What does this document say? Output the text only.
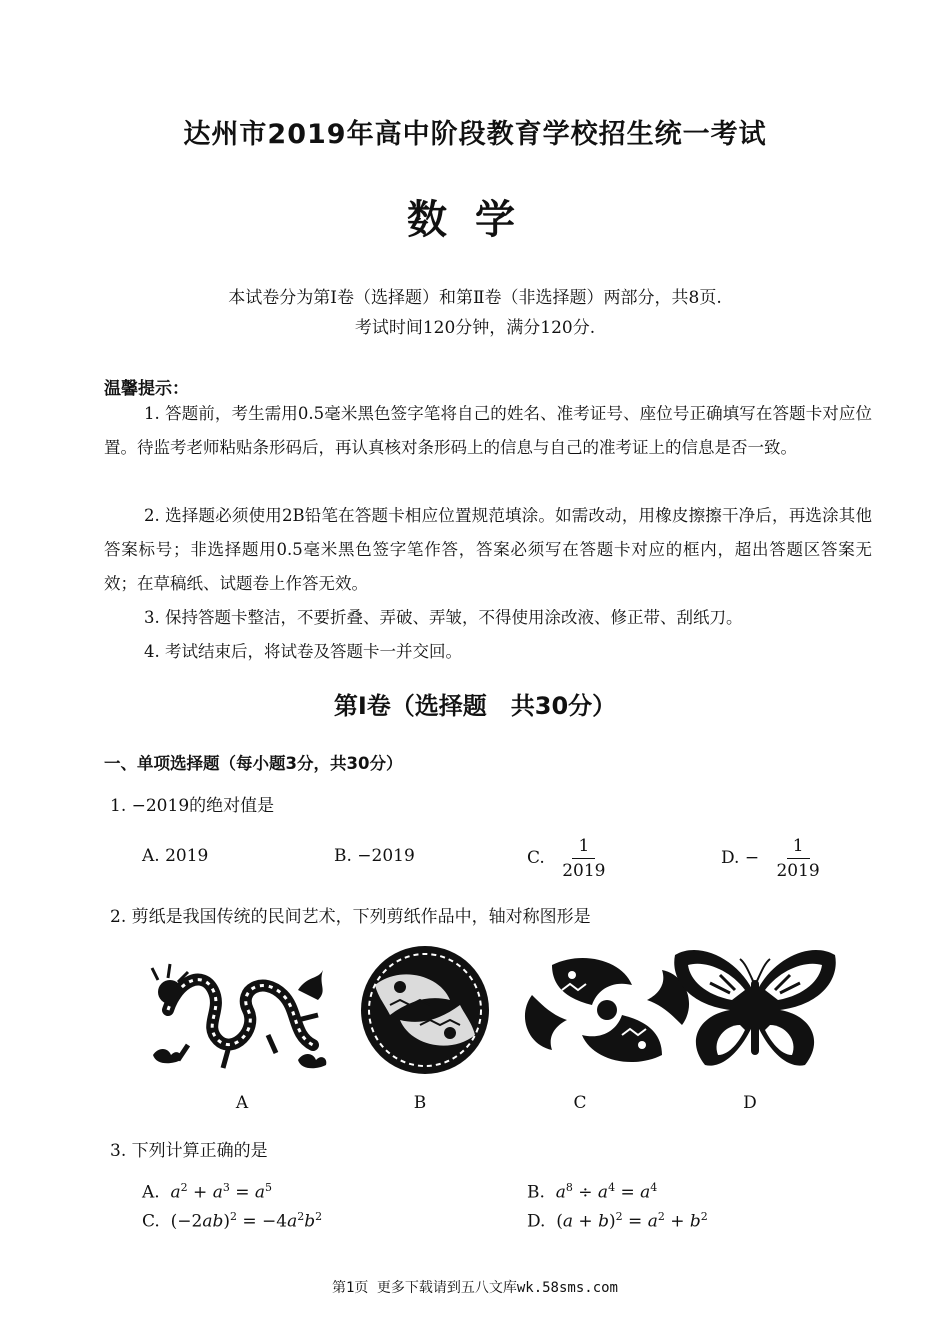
达州市2019年高中阶段教育学校招生统一考试
数学
本试卷分为第Ⅰ卷（选择题）和第Ⅱ卷（非选择题）两部分，共8页.
考试时间120分钟，满分120分.
温馨提示：
1. 答题前，考生需用0.5毫米黑色签字笔将自己的姓名、准考证号、座位号正确填写在答题卡对应位置。待监考老师粘贴条形码后，再认真核对条形码上的信息与自己的准考证上的信息是否一致。
2. 选择题必须使用2B铅笔在答题卡相应位置规范填涂。如需改动，用橡皮擦擦干净后，再选涂其他答案标号；非选择题用0.5毫米黑色签字笔作答，答案必须写在答题卡对应的框内，超出答题区答案无效；在草稿纸、试题卷上作答无效。
3. 保持答题卡整洁，不要折叠、弄破、弄皱，不得使用涂改液、修正带、刮纸刀。
4. 考试结束后，将试卷及答题卡一并交回。
第Ⅰ卷（选择题　共30分）
一、单项选择题（每小题3分，共30分）
1. −2019的绝对值是
A. 2019	B. −2019	C. $\frac{1}{2019}$	D. − $\frac{1}{2019}$
2. 剪纸是我国传统的民间艺术，下列剪纸作品中，轴对称图形是
A	B	C	D
3. 下列计算正确的是
A. $a^2 + a^3 = a^5$	B. $a^8 \div a^4 = a^4$
C.  $(-2ab)^2 = -4a^2b^2$	D.  $(a + b)^2 = a^2 + b^2$
第1页 更多下载请到五八文库wk.58sms.com
